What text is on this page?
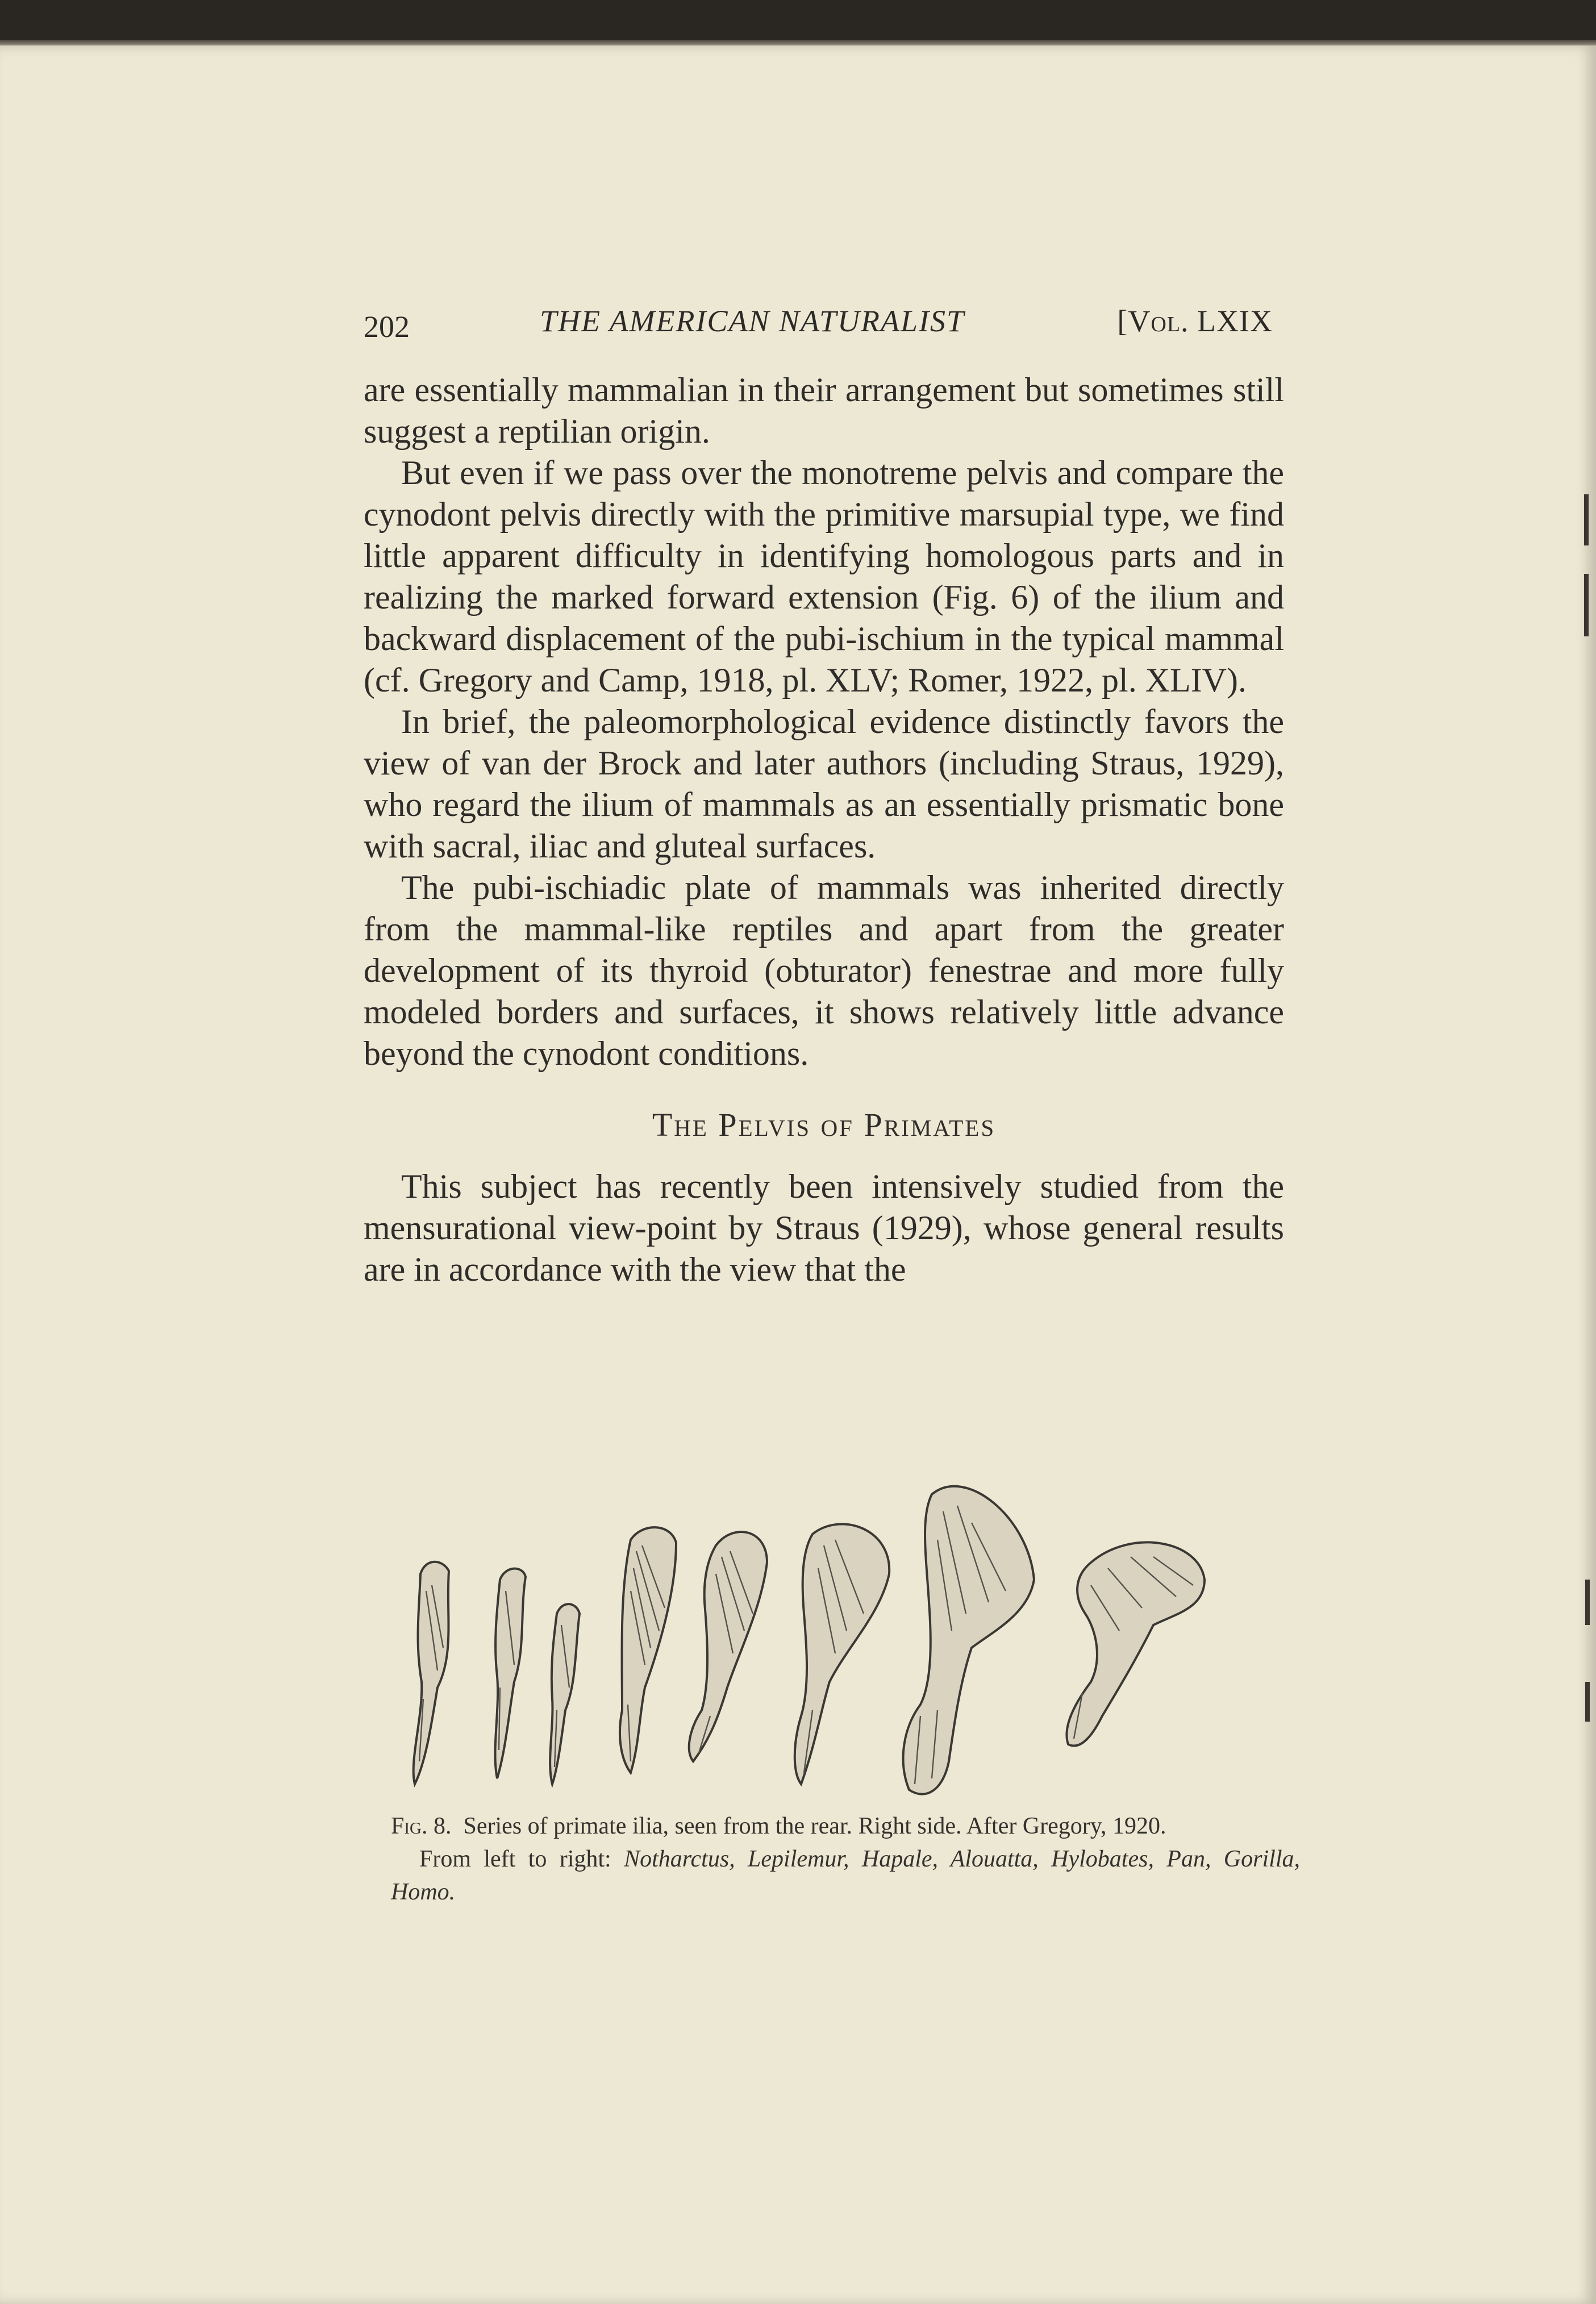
202	THE AMERICAN NATURALIST	[Vol. LXIX

are essentially mammalian in their arrangement but sometimes still suggest a reptilian origin.

But even if we pass over the monotreme pelvis and compare the cynodont pelvis directly with the primitive marsupial type, we find little apparent difficulty in identifying homologous parts and in realizing the marked forward extension (Fig. 6) of the ilium and backward displacement of the pubi-ischium in the typical mammal (cf. Gregory and Camp, 1918, pl. XLV; Romer, 1922, pl. XLIV).

In brief, the paleomorphological evidence distinctly favors the view of van der Brock and later authors (including Straus, 1929), who regard the ilium of mammals as an essentially prismatic bone with sacral, iliac and gluteal surfaces.

The pubi-ischiadic plate of mammals was inherited directly from the mammal-like reptiles and apart from the greater development of its thyroid (obturator) fenestrae and more fully modeled borders and surfaces, it shows relatively little advance beyond the cynodont conditions.

The Pelvis of Primates

This subject has recently been intensively studied from the mensurational view-point by Straus (1929), whose general results are in accordance with the view that the

Fig. 8. Series of primate ilia, seen from the rear. Right side. After Gregory, 1920.

From left to right: Notharctus, Lepilemur, Hapale, Alouatta, Hylobates, Pan, Gorilla, Homo.
